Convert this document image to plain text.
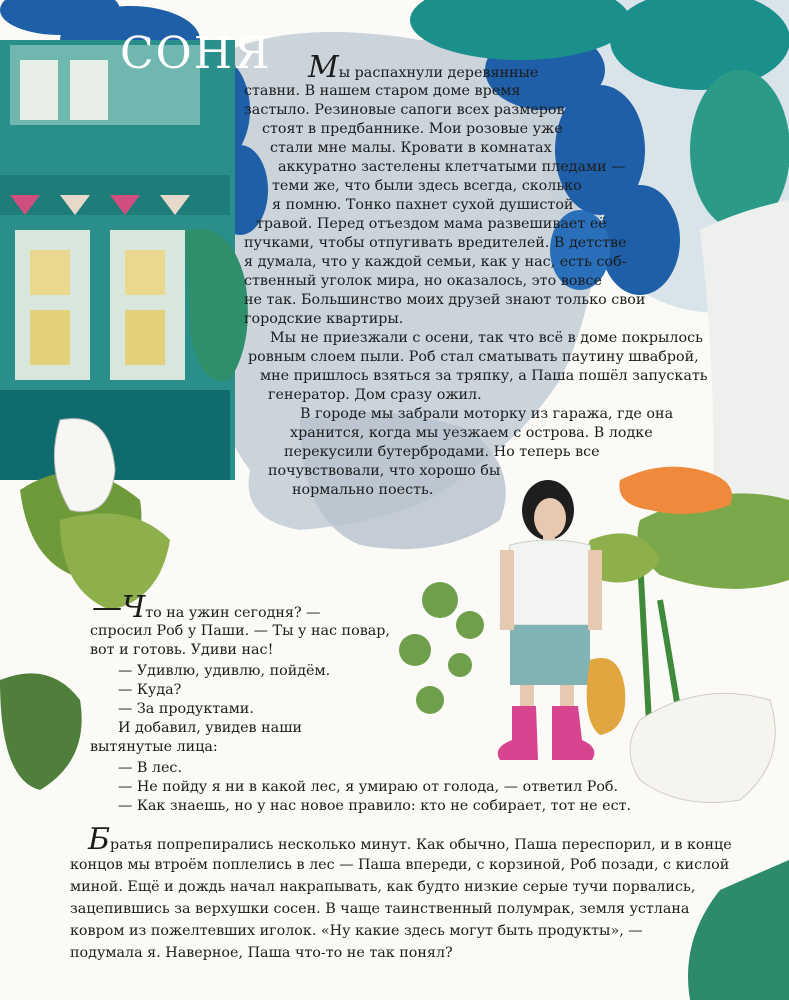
СОНЯ Мы распахнули деревянные
ставни. В нашем старом доме время
застыло. Резиновые сапоги всех размеров
стоят в предбаннике. Мои розовые уже
стали мне малы. Кровати в комнатах
аккуратно застелены клетчатыми пледами —
теми же, что были здесь всегда, сколько
я помню. Тонко пахнет сухой душистой
травой. Перед отъездом мама развешивает её
пучками, чтобы отпугивать вредителей. В детстве
я думала, что у каждой семьи, как у нас, есть соб-
ственный уголок мира, но оказалось, это вовсе
не так. Большинство моих друзей знают только свои
городские квартиры.
Мы не приезжали с осени, так что всё в доме покрылось
ровным слоем пыли. Роб стал сматывать паутину шваброй,
мне пришлось взяться за тряпку, а Паша пошёл запускать
генератор. Дом сразу ожил.
В городе мы забрали моторку из гаража, где она
хранится, когда мы уезжаем с острова. В лодке
перекусили бутербродами. Но теперь все
почувствовали, что хорошо бы
нормально поесть.
—Что на ужин сегодня? —
спросил Роб у Паши. — Ты у нас повар,
вот и готовь. Удиви нас!
— Удивлю, удивлю, пойдём.
— Куда?
— За продуктами.
И добавил, увидев наши
вытянутые лица:
— В лес.
— Не пойду я ни в какой лес, я умираю от голода, — ответил Роб.
— Как знаешь, но у нас новое правило: кто не собирает, тот не ест.
Братья попрепирались несколько минут. Как обычно, Паша переспорил, и в конце
концов мы втроём поплелись в лес — Паша впереди, с корзиной, Роб позади, с кислой
миной. Ещё и дождь начал накрапывать, как будто низкие серые тучи порвались,
зацепившись за верхушки сосен. В чаще таинственный полумрак, земля устлана
ковром из пожелтевших иголок. «Ну какие здесь могут быть продукты», —
подумала я. Наверное, Паша что-то не так понял?
